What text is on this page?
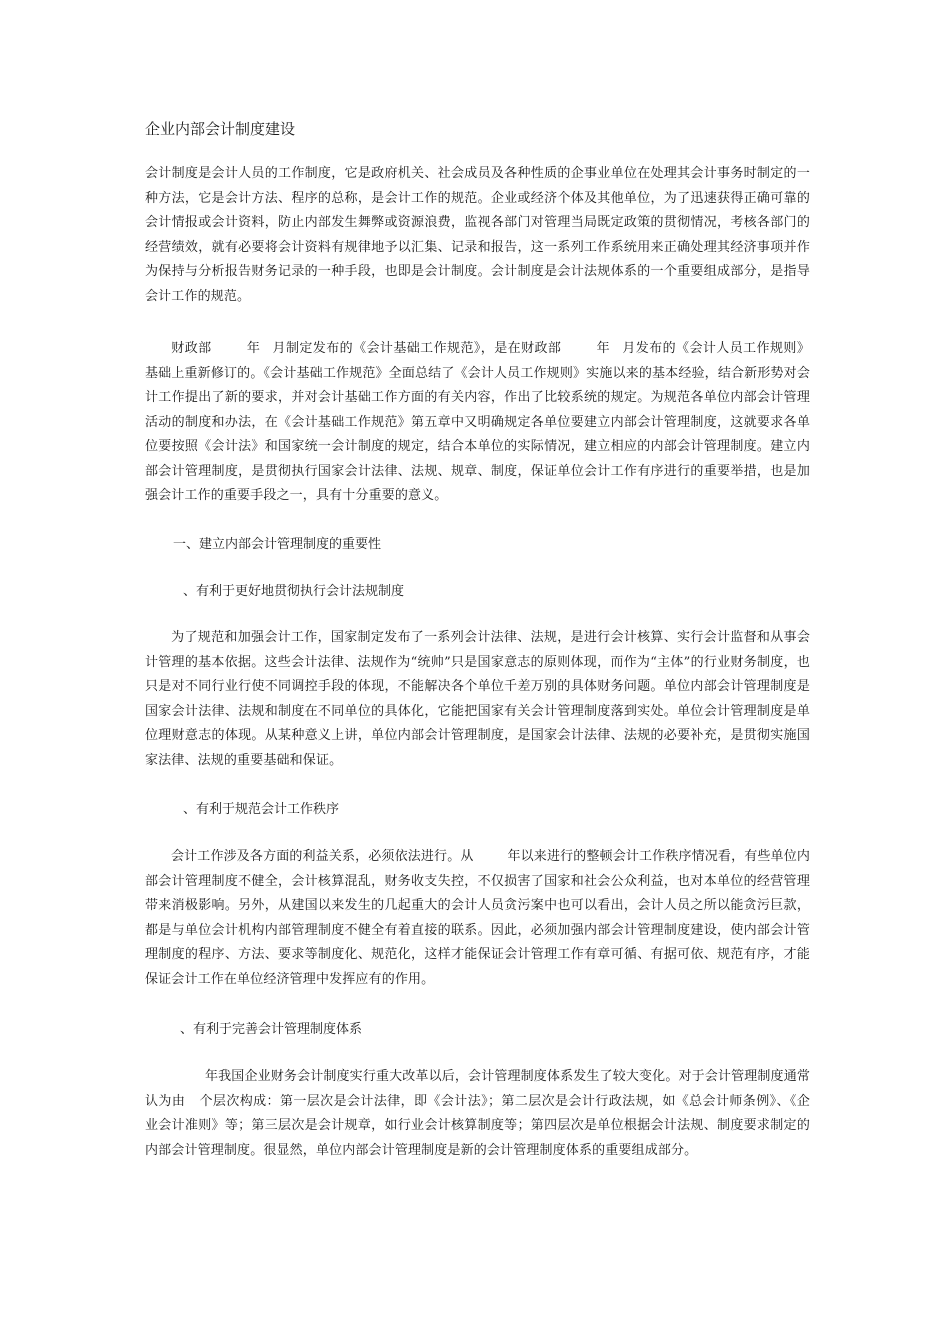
企业内部会计制度建设

会计制度是会计人员的工作制度，它是政府机关、社会成员及各种性质的企事业单位在处理其会计事务时制定的一种方法，它是会计方法、程序的总称，是会计工作的规范。企业或经济个体及其他单位，为了迅速获得正确可靠的会计情报或会计资料，防止内部发生舞弊或资源浪费，监视各部门对管理当局既定政策的贯彻情况，考核各部门的经营绩效，就有必要将会计资料有规律地予以汇集、记录和报告，这一系列工作系统用来正确处理其经济事项并作为保持与分析报告财务记录的一种手段，也即是会计制度。会计制度是会计法规体系的一个重要组成部分，是指导会计工作的规范。

财政部	年 月制定发布的《会计基础工作规范》，是在财政部	年 月发布的《会计人员工作规则》基础上重新修订的。《会计基础工作规范》全面总结了《会计人员工作规则》实施以来的基本经验，结合新形势对会计工作提出了新的要求，并对会计基础工作方面的有关内容，作出了比较系统的规定。为规范各单位内部会计管理活动的制度和办法，在《会计基础工作规范》第五章中又明确规定各单位要建立内部会计管理制度，这就要求各单位要按照《会计法》和国家统一会计制度的规定，结合本单位的实际情况，建立相应的内部会计管理制度。建立内部会计管理制度，是贯彻执行国家会计法律、法规、规章、制度，保证单位会计工作有序进行的重要举措，也是加强会计工作的重要手段之一，具有十分重要的意义。

一、建立内部会计管理制度的重要性
、有利于更好地贯彻执行会计法规制度

为了规范和加强会计工作，国家制定发布了一系列会计法律、法规，是进行会计核算、实行会计监督和从事会计管理的基本依据。这些会计法律、法规作为“统帅”只是国家意志的原则体现，而作为“主体”的行业财务制度，也只是对不同行业行使不同调控手段的体现，不能解决各个单位千差万别的具体财务问题。单位内部会计管理制度是国家会计法律、法规和制度在不同单位的具体化，它能把国家有关会计管理制度落到实处。单位会计管理制度是单位理财意志的体现。从某种意义上讲，单位内部会计管理制度，是国家会计法律、法规的必要补充，是贯彻实施国家法律、法规的重要基础和保证。

、有利于规范会计工作秩序

会计工作涉及各方面的利益关系，必须依法进行。从	年以来进行的整顿会计工作秩序情况看，有些单位内部会计管理制度不健全，会计核算混乱，财务收支失控，不仅损害了国家和社会公众利益，也对本单位的经营管理带来消极影响。另外，从建国以来发生的几起重大的会计人员贪污案中也可以看出，会计人员之所以能贪污巨款，都是与单位会计机构内部管理制度不健全有着直接的联系。因此，必须加强内部会计管理制度建设，使内部会计管理制度的程序、方法、要求等制度化、规范化，这样才能保证会计管理工作有章可循、有据可依、规范有序，才能保证会计工作在单位经济管理中发挥应有的作用。

、有利于完善会计管理制度体系

年我国企业财务会计制度实行重大改革以后，会计管理制度体系发生了较大变化。对于会计管理制度通常认为由 个层次构成：第一层次是会计法律，即《会计法》；第二层次是会计行政法规，如《总会计师条例》、《企业会计准则》等；第三层次是会计规章，如行业会计核算制度等；第四层次是单位根据会计法规、制度要求制定的内部会计管理制度。很显然，单位内部会计管理制度是新的会计管理制度体系的重要组成部分。
